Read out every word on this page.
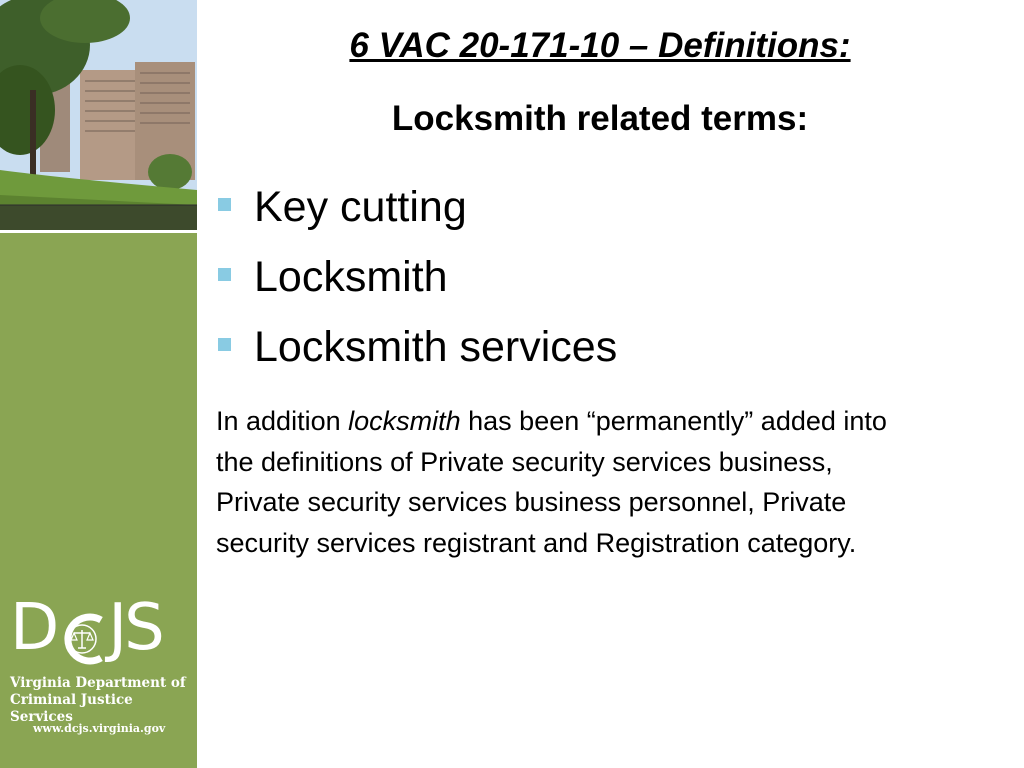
D JS
Virginia Department of
Criminal Justice Services
www.dcjs.virginia.gov
6 VAC 20-171-10 – Definitions:
Locksmith related terms:
Key cutting
Locksmith
Locksmith services

In addition locksmith has been “permanently” added into the definitions of Private security services business, Private security services business personnel, Private security services registrant and Registration category.
